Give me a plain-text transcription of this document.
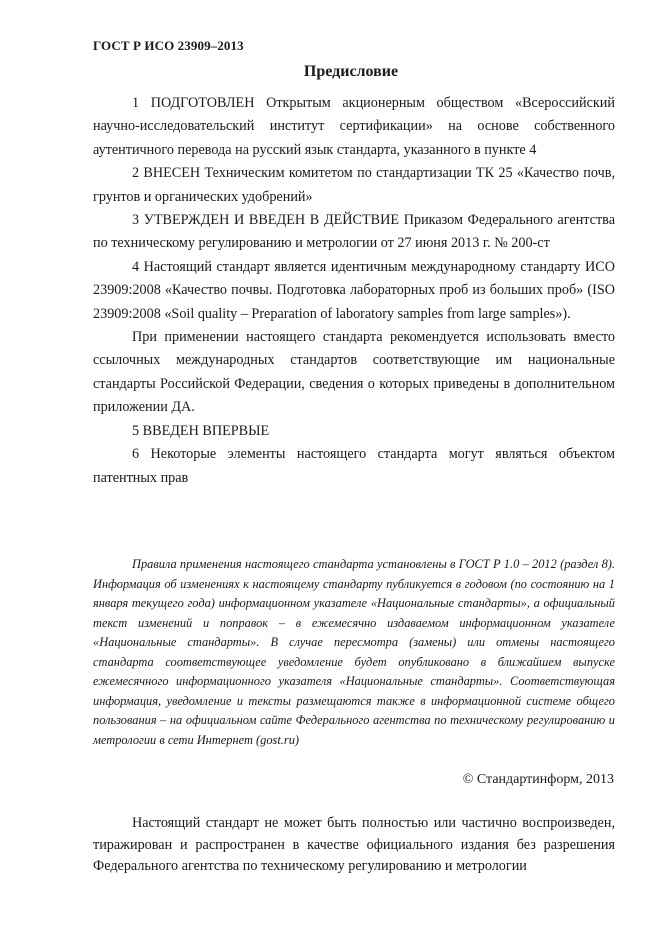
ГОСТ Р ИСО 23909–2013
Предисловие

1 ПОДГОТОВЛЕН Открытым акционерным обществом «Всероссийский научно-исследовательский институт сертификации» на основе собственного аутентичного перевода на русский язык стандарта, указанного в пункте 4

2 ВНЕСЕН Техническим комитетом по стандартизации ТК 25 «Качество почв, грунтов и органических удобрений»

3 УТВЕРЖДЕН И ВВЕДЕН В ДЕЙСТВИЕ Приказом Федерального агентства по техническому регулированию и метрологии от 27 июня 2013 г. № 200-ст

4 Настоящий стандарт является идентичным международному стандарту ИСО 23909:2008 «Качество почвы. Подготовка лабораторных проб из больших проб» (ISO 23909:2008 «Soil quality – Preparation of laboratory samples from large samples»).

При применении настоящего стандарта рекомендуется использовать вместо ссылочных международных стандартов соответствующие им национальные стандарты Российской Федерации, сведения о которых приведены в дополнительном приложении ДА.

5 ВВЕДЕН ВПЕРВЫЕ

6 Некоторые элементы настоящего стандарта могут являться объектом патентных прав

Правила применения настоящего стандарта установлены в ГОСТ Р 1.0 – 2012 (раздел 8). Информация об изменениях к настоящему стандарту публикуется в годовом (по состоянию на 1 января текущего года) информационном указателе «Национальные стандарты», а официальный текст изменений и поправок – в ежемесячно издаваемом информационном указателе «Национальные стандарты». В случае пересмотра (замены) или отмены настоящего стандарта соответствующее уведомление будет опубликовано в ближайшем выпуске ежемесячного информационного указателя «Национальные стандарты». Соответствующая информация, уведомление и тексты размещаются также в информационной системе общего пользования – на официальном сайте Федерального агентства по техническому регулированию и метрологии в сети Интернет (gost.ru)

© Стандартинформ, 2013

Настоящий стандарт не может быть полностью или частично воспроизведен, тиражирован и распространен в качестве официального издания без разрешения Федерального агентства по техническому регулированию и метрологии
